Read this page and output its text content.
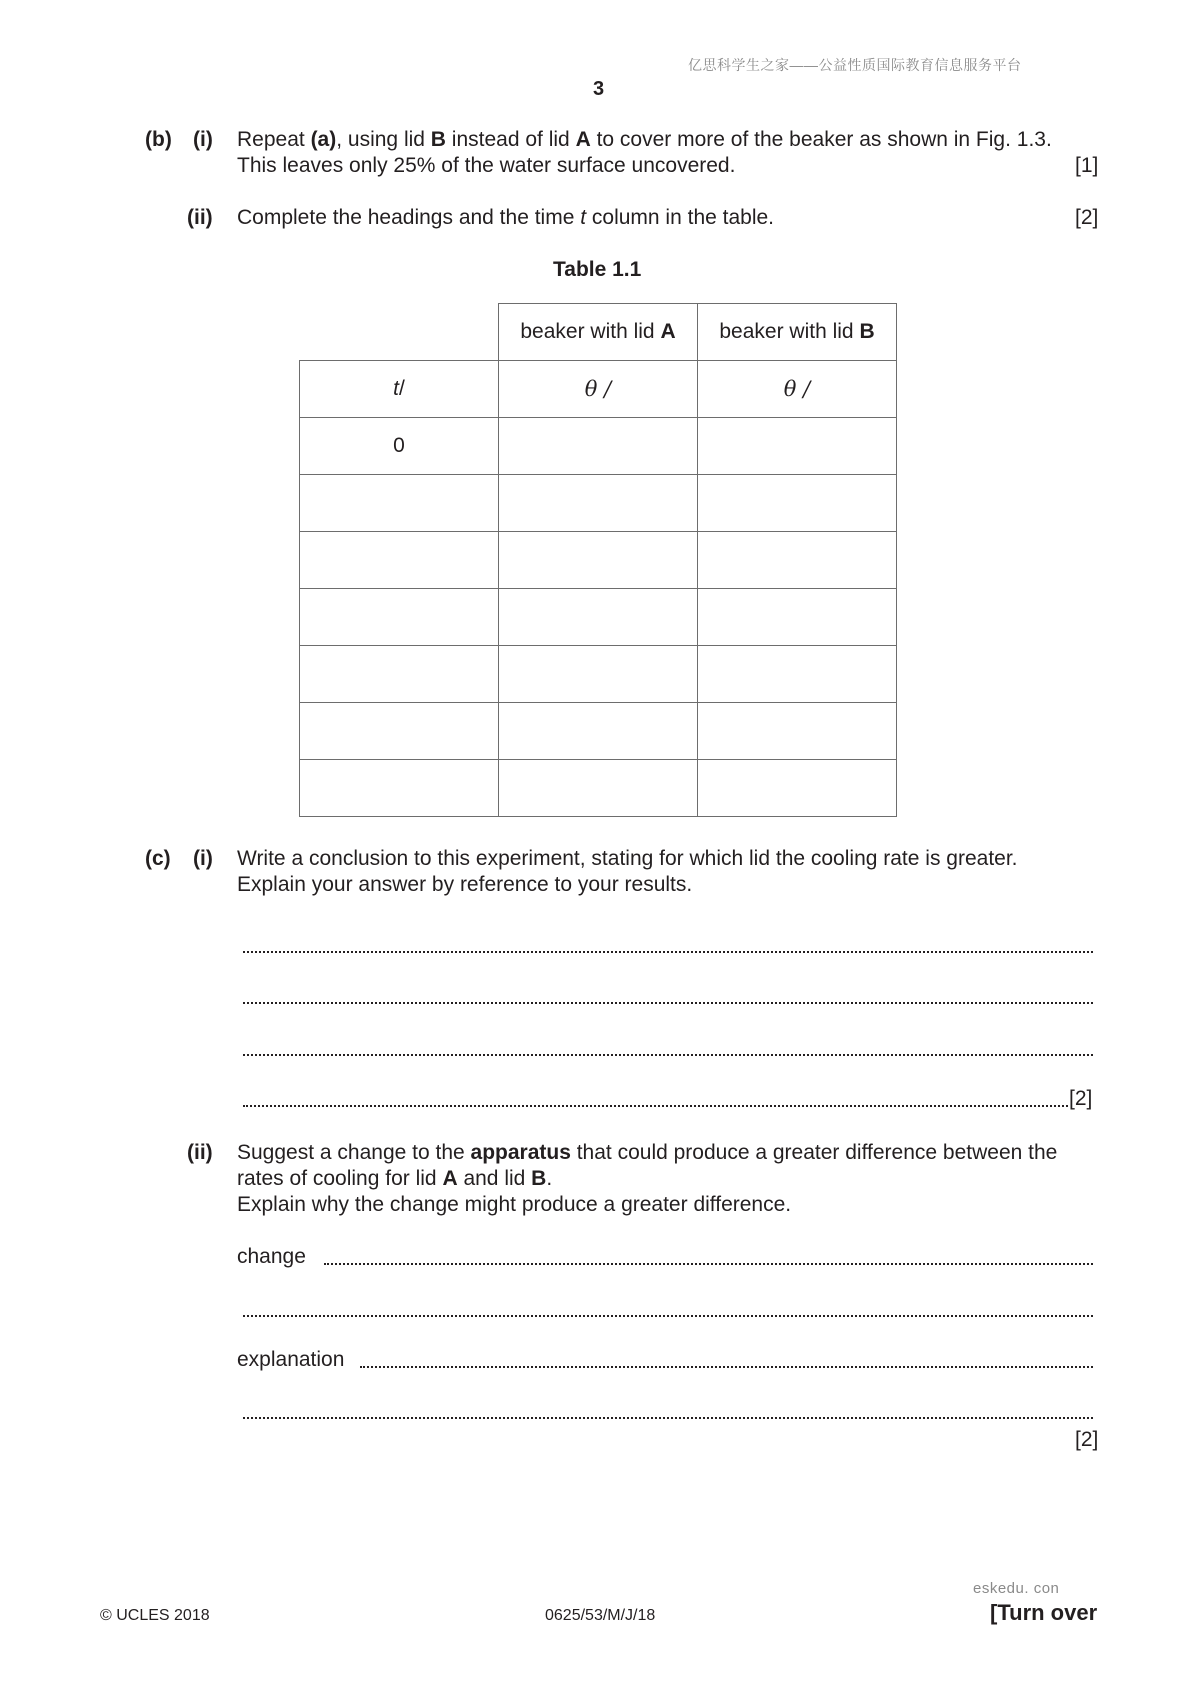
亿思科学生之家——公益性质国际教育信息服务平台
3
(b) (i) Repeat (a), using lid B instead of lid A to cover more of the beaker as shown in Fig. 1.3.
This leaves only 25% of the water surface uncovered.	[1]
(ii) Complete the headings and the time t column in the table.	[2]
Table 1.1
	beaker with lid A	beaker with lid B
t/	θ /	θ /
0		

(c) (i) Write a conclusion to this experiment, stating for which lid the cooling rate is greater.
Explain your answer by reference to your results.
[2]
(ii) Suggest a change to the apparatus that could produce a greater difference between the
rates of cooling for lid A and lid B.
Explain why the change might produce a greater difference.
change
explanation
[2]
eskedu. con
© UCLES 2018	0625/53/M/J/18	[Turn over
